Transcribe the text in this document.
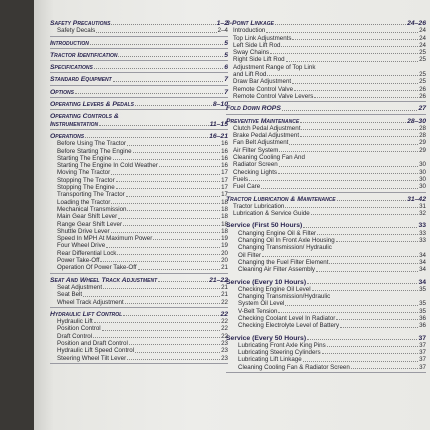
Safety Precautions	1–2
Safety Decals	2–4
Introduction	5
Tractor Identification	5
Specifications	6
Standard Equipment	7
Options	7
Operating Levers & Pedals	8–10
Operating Controls &
Instrumentation	11–15
Operations	16–21
Before Using The Tractor	16
Before Starting The Engine	16
Starting The Engine	16
Starting The Engine In Cold Weather	16
Moving The Tractor	17
Stopping The Tractor	17
Stopping The Engine	17
Transporting The Tractor	17
Loading the Tractor	18
Mechanical Transmission	18
Main Gear Shift Lever	18
Range Gear Shift Lever	18
Shuttle Drive Lever	18
Speed In MPH At Maximum Power	19
Four Wheel Drive	19
Rear Differential Lock	20
Power Take-Off	20
Operation Of Power Take-Off	21
Seat And Wheel Track Adjustment	21–22
Seat Adjustment	21
Seat Belt	21
Wheel Track Adjustment	22
Hydraulic Lift Control	22
Hydraulic Lift	22
Position Control	22
Draft Control	22
Position and Draft Control	23
Hydraulic Lift Speed Control	23
Steering Wheel Tilt Lever	23
3-Point Linkage	24–26
Introduction	24
Top Link Adjustments	24
Left Side Lift Rod	24
Sway Chains	25
Right Side Lift Rod	25
Adjustment Range of Top Link
and Lift Rod	25
Draw Bar Adjustment	25
Remote Control Valve	26
Remote Control Valve Levers	26
Fold Down ROPS	27
Preventive Maintenance	28–30
Clutch Pedal Adjustment	28
Brake Pedal Adjustment	28
Fan Belt Adjustment	29
Air Filter System	29
Cleaning Cooling Fan And
Radiator Screen	30
Checking Lights	30
Fuels	30
Fuel Care	30
Tractor Lubrication & Maintenance	31–42
Tractor Lubrication	31
Lubrication & Service Guide	32
Service (First 50 Hours)	33
Changing Engine Oil & Filter	33
Changing Oil In Front Axle Housing	33
Changing Transmission/ Hydraulic
Oil Filter	34
Changing the Fuel Filter Element	34
Cleaning Air Filter Assembly	34
Service (Every 10 Hours)	34
Checking Engine Oil Level	35
Changing Transmission/Hydraulic
System Oil Level	35
V-Belt Tension	35
Checking Coolant Level In Radiator	36
Checking Electrolyte Level of Battery	36
Service (Every 50 Hours)	37
Lubricating Front Axle King Pins	37
Lubricating Steering Cylinders	37
Lubricating Lift Linkage	37
Cleaning Cooling Fan & Radiator Screen	37
